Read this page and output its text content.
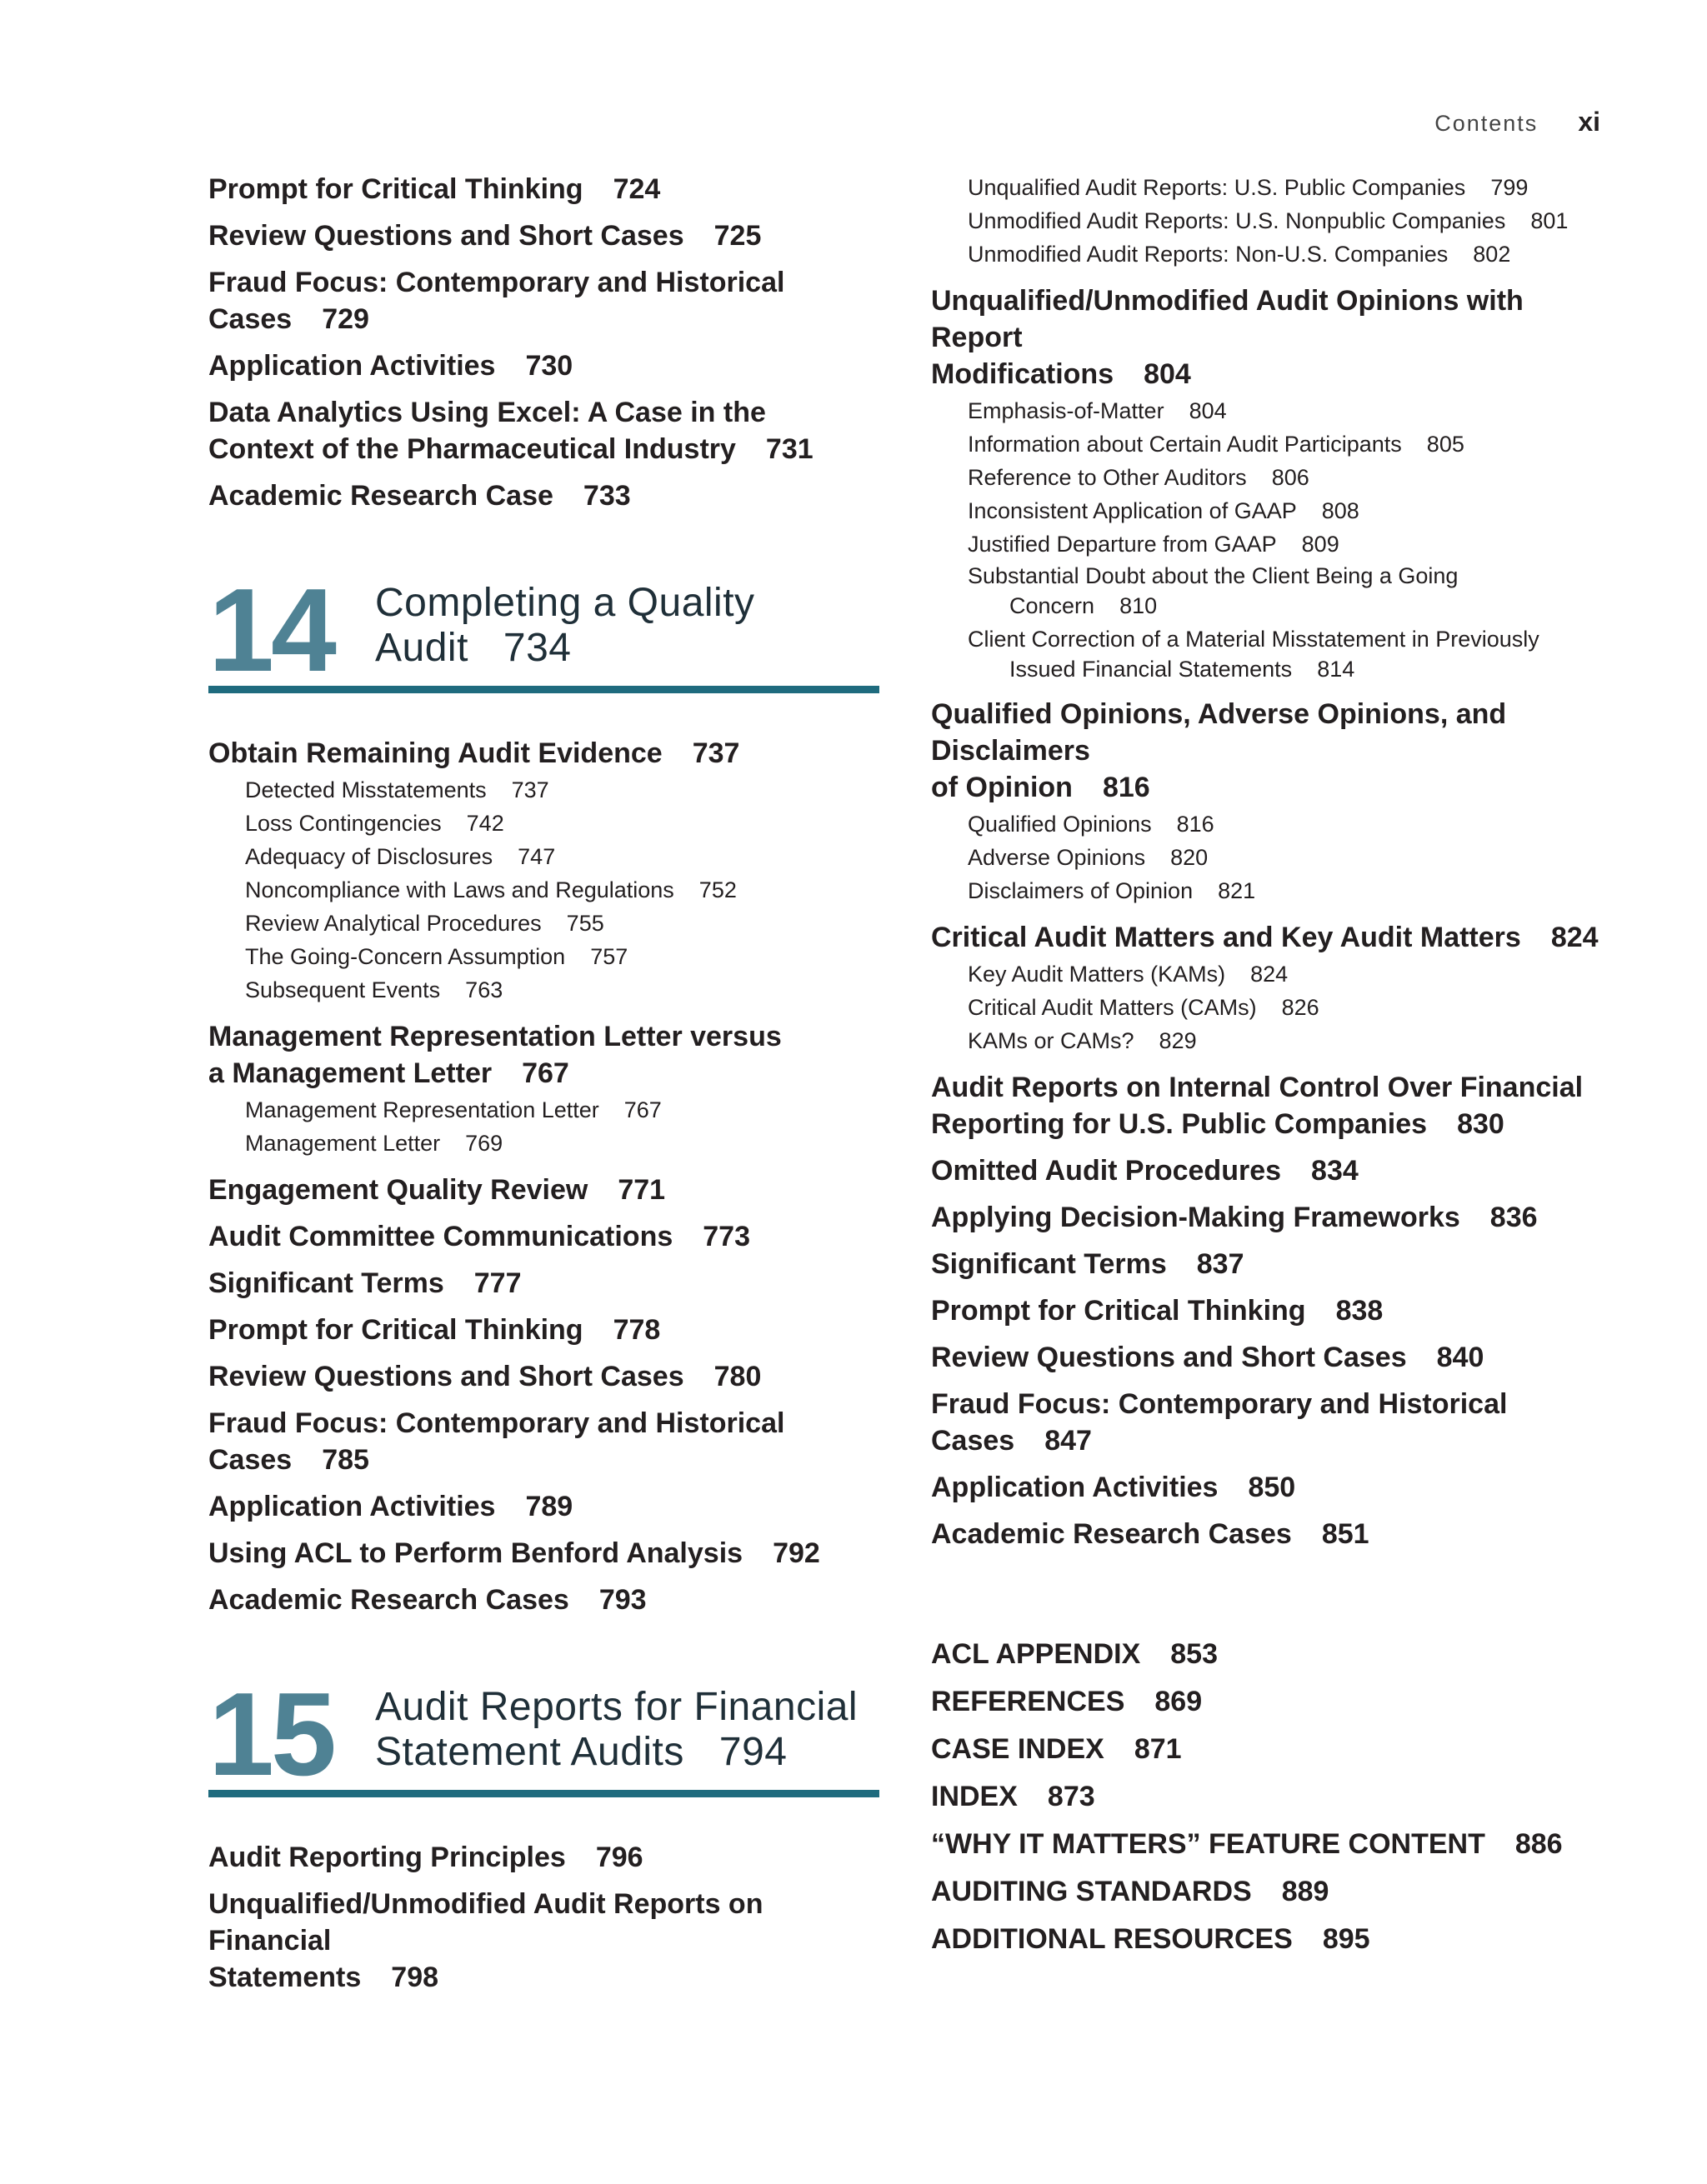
Contents xi

Prompt for Critical Thinking 724

Review Questions and Short Cases 725

Fraud Focus: Contemporary and Historical Cases 729

Application Activities 730

Data Analytics Using Excel: A Case in the
Context of the Pharmaceutical Industry 731

Academic Research Case 733

14 Completing a Quality
Audit 734

Obtain Remaining Audit Evidence 737

Detected Misstatements 737
Loss Contingencies 742
Adequacy of Disclosures 747
Noncompliance with Laws and Regulations 752
Review Analytical Procedures 755
The Going-Concern Assumption 757
Subsequent Events 763

Management Representation Letter versus
a Management Letter 767

Management Representation Letter 767
Management Letter 769

Engagement Quality Review 771

Audit Committee Communications 773

Significant Terms 777

Prompt for Critical Thinking 778

Review Questions and Short Cases 780

Fraud Focus: Contemporary and Historical Cases 785

Application Activities 789

Using ACL to Perform Benford Analysis 792

Academic Research Cases 793

15 Audit Reports for Financial
Statement Audits 794

Audit Reporting Principles 796

Unqualified/Unmodified Audit Reports on Financial
Statements 798

Unqualified Audit Reports: U.S. Public Companies 799
Unmodified Audit Reports: U.S. Nonpublic Companies 801
Unmodified Audit Reports: Non-U.S. Companies 802

Unqualified/Unmodified Audit Opinions with Report
Modifications 804

Emphasis-of-Matter 804
Information about Certain Audit Participants 805
Reference to Other Auditors 806
Inconsistent Application of GAAP 808
Justified Departure from GAAP 809
Substantial Doubt about the Client Being a Going
Concern 810
Client Correction of a Material Misstatement in Previously
Issued Financial Statements 814

Qualified Opinions, Adverse Opinions, and Disclaimers
of Opinion 816

Qualified Opinions 816
Adverse Opinions 820
Disclaimers of Opinion 821

Critical Audit Matters and Key Audit Matters 824

Key Audit Matters (KAMs) 824
Critical Audit Matters (CAMs) 826
KAMs or CAMs? 829

Audit Reports on Internal Control Over Financial
Reporting for U.S. Public Companies 830

Omitted Audit Procedures 834

Applying Decision-Making Frameworks 836

Significant Terms 837

Prompt for Critical Thinking 838

Review Questions and Short Cases 840

Fraud Focus: Contemporary and Historical Cases 847

Application Activities 850

Academic Research Cases 851

ACL APPENDIX 853

REFERENCES 869

CASE INDEX 871

INDEX 873

“WHY IT MATTERS” FEATURE CONTENT 886

AUDITING STANDARDS 889

ADDITIONAL RESOURCES 895
